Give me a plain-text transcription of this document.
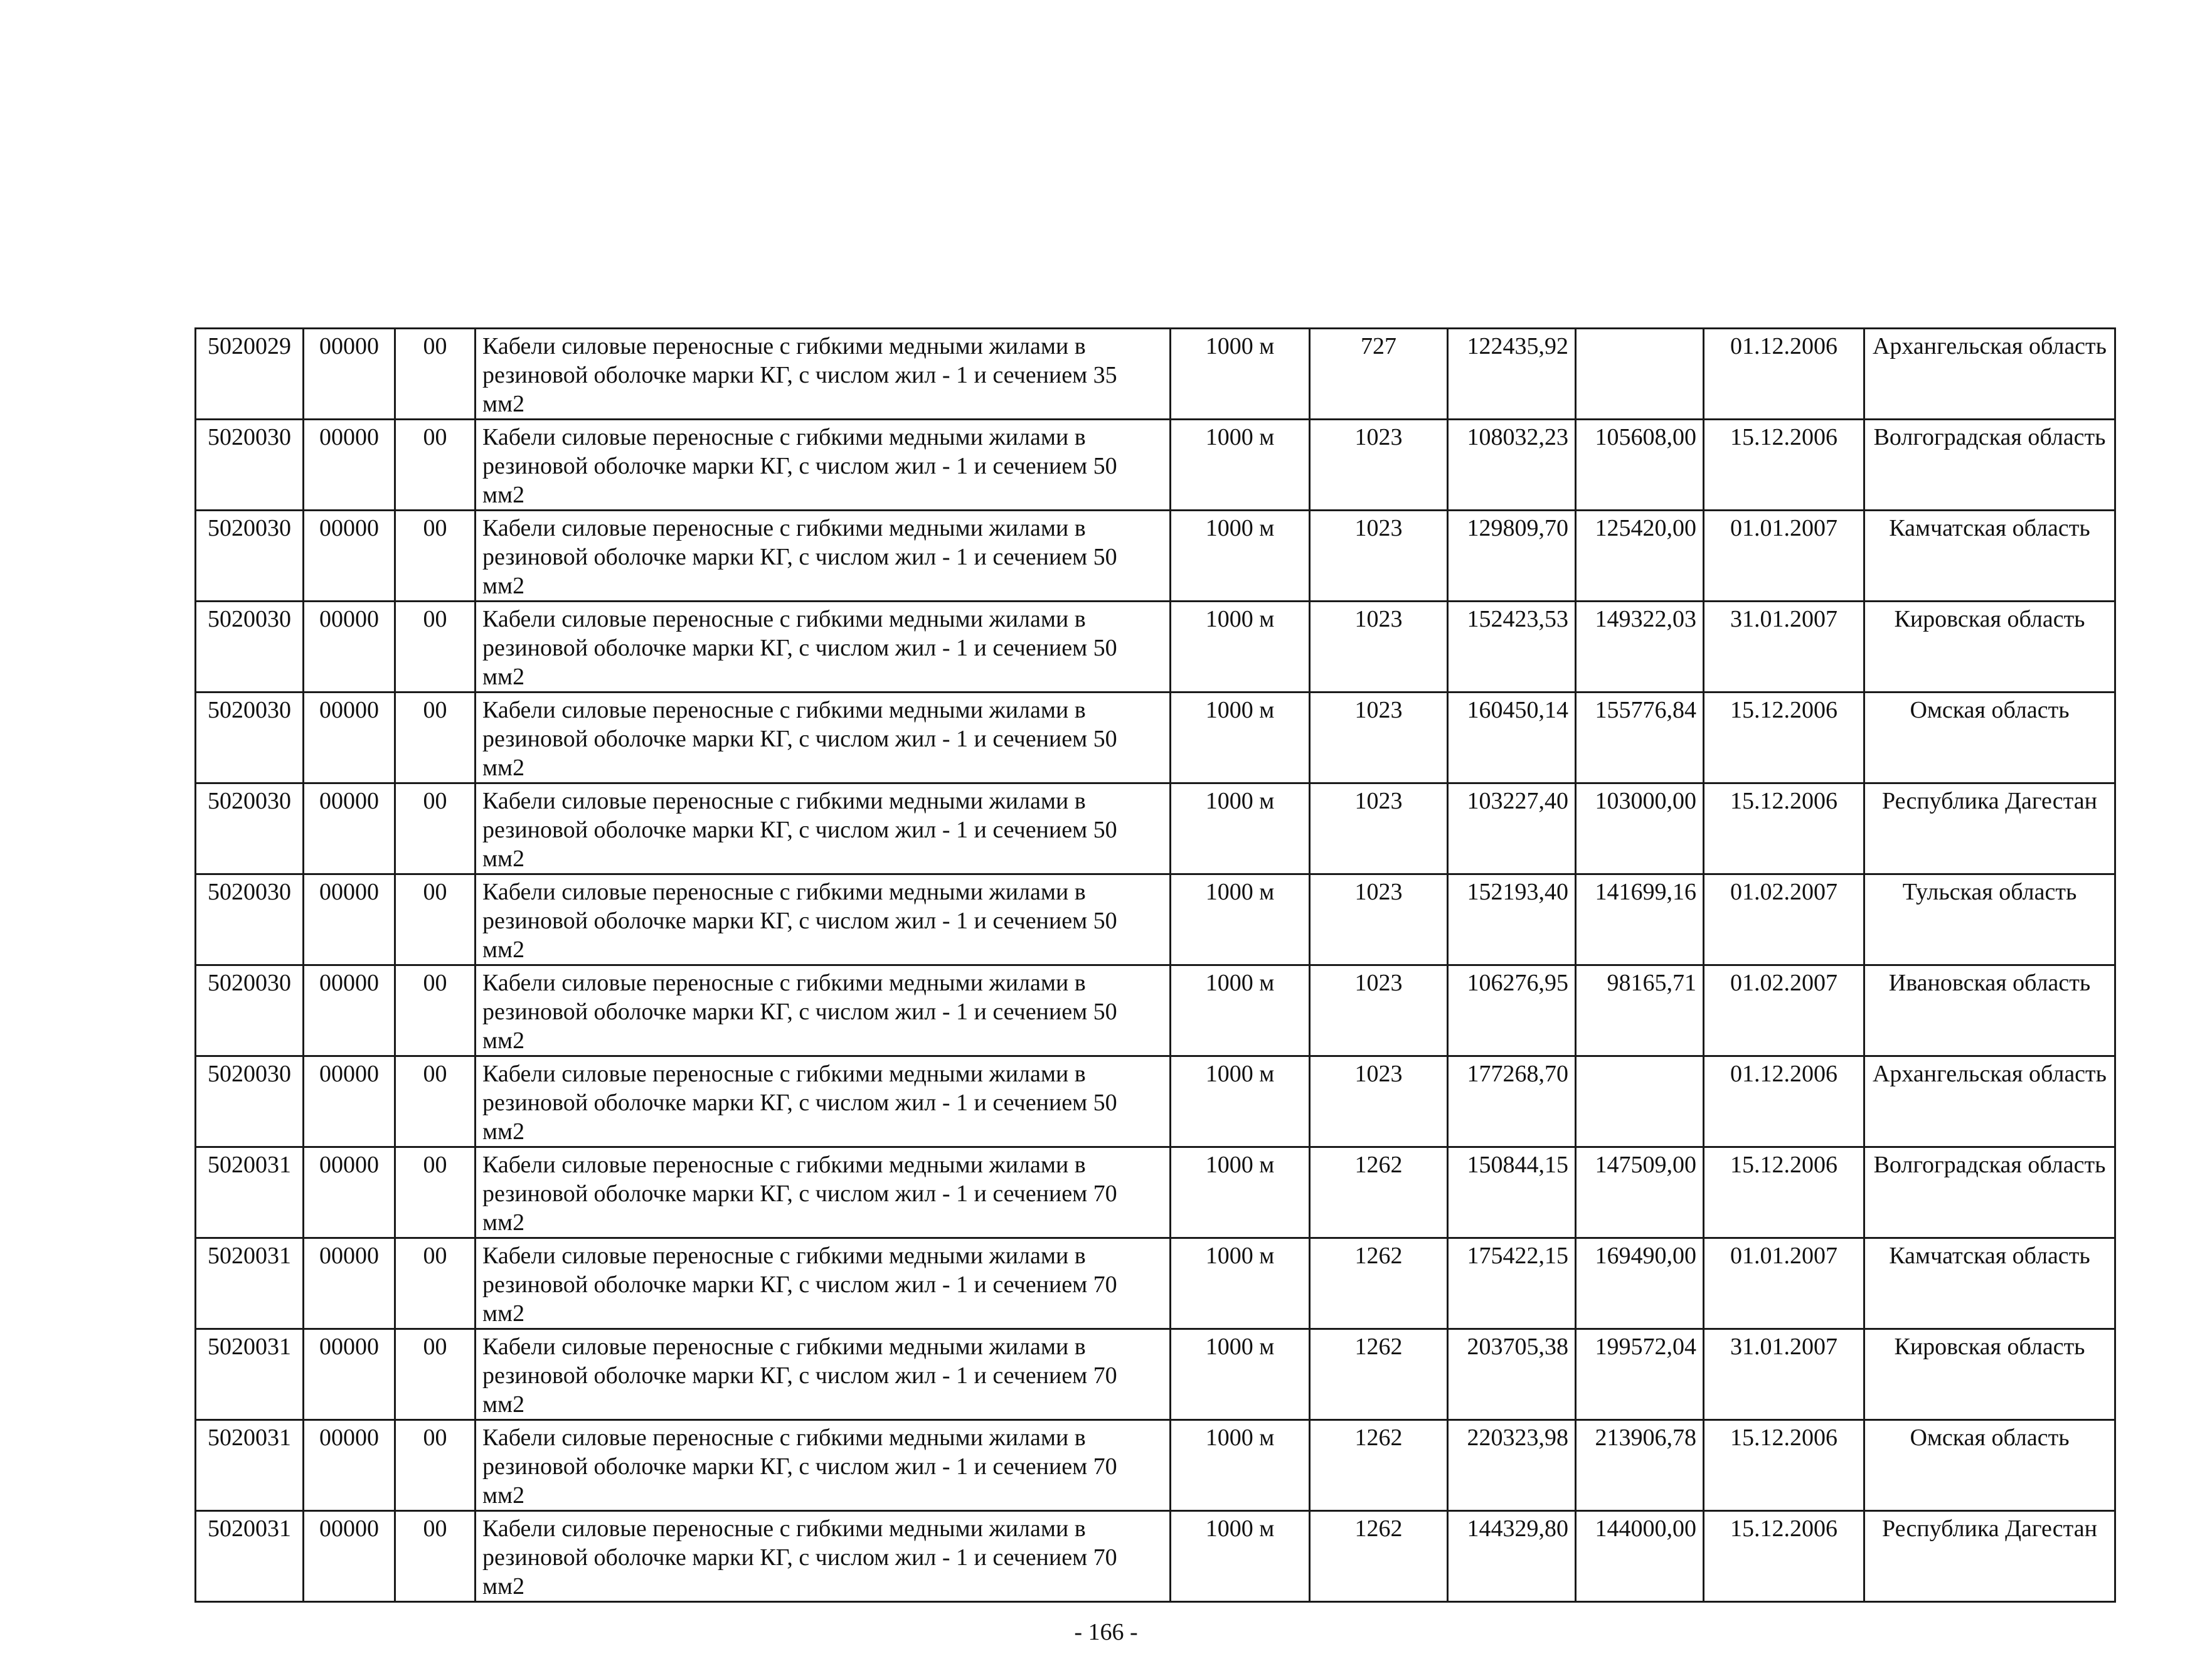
5020029	00000	00	Кабели силовые переносные с гибкими медными жилами в резиновой оболочке марки КГ, с числом жил - 1 и сечением 35 мм2	1000 м	727	122435,92		01.12.2006	Архангельская область
5020030	00000	00	Кабели силовые переносные с гибкими медными жилами в резиновой оболочке марки КГ, с числом жил - 1 и сечением 50 мм2	1000 м	1023	108032,23	105608,00	15.12.2006	Волгоградская область
5020030	00000	00	Кабели силовые переносные с гибкими медными жилами в резиновой оболочке марки КГ, с числом жил - 1 и сечением 50 мм2	1000 м	1023	129809,70	125420,00	01.01.2007	Камчатская область
5020030	00000	00	Кабели силовые переносные с гибкими медными жилами в резиновой оболочке марки КГ, с числом жил - 1 и сечением 50 мм2	1000 м	1023	152423,53	149322,03	31.01.2007	Кировская область
5020030	00000	00	Кабели силовые переносные с гибкими медными жилами в резиновой оболочке марки КГ, с числом жил - 1 и сечением 50 мм2	1000 м	1023	160450,14	155776,84	15.12.2006	Омская область
5020030	00000	00	Кабели силовые переносные с гибкими медными жилами в резиновой оболочке марки КГ, с числом жил - 1 и сечением 50 мм2	1000 м	1023	103227,40	103000,00	15.12.2006	Республика Дагестан
5020030	00000	00	Кабели силовые переносные с гибкими медными жилами в резиновой оболочке марки КГ, с числом жил - 1 и сечением 50 мм2	1000 м	1023	152193,40	141699,16	01.02.2007	Тульская область
5020030	00000	00	Кабели силовые переносные с гибкими медными жилами в резиновой оболочке марки КГ, с числом жил - 1 и сечением 50 мм2	1000 м	1023	106276,95	98165,71	01.02.2007	Ивановская область
5020030	00000	00	Кабели силовые переносные с гибкими медными жилами в резиновой оболочке марки КГ, с числом жил - 1 и сечением 50 мм2	1000 м	1023	177268,70		01.12.2006	Архангельская область
5020031	00000	00	Кабели силовые переносные с гибкими медными жилами в резиновой оболочке марки КГ, с числом жил - 1 и сечением 70 мм2	1000 м	1262	150844,15	147509,00	15.12.2006	Волгоградская область
5020031	00000	00	Кабели силовые переносные с гибкими медными жилами в резиновой оболочке марки КГ, с числом жил - 1 и сечением 70 мм2	1000 м	1262	175422,15	169490,00	01.01.2007	Камчатская область
5020031	00000	00	Кабели силовые переносные с гибкими медными жилами в резиновой оболочке марки КГ, с числом жил - 1 и сечением 70 мм2	1000 м	1262	203705,38	199572,04	31.01.2007	Кировская область
5020031	00000	00	Кабели силовые переносные с гибкими медными жилами в резиновой оболочке марки КГ, с числом жил - 1 и сечением 70 мм2	1000 м	1262	220323,98	213906,78	15.12.2006	Омская область
5020031	00000	00	Кабели силовые переносные с гибкими медными жилами в резиновой оболочке марки КГ, с числом жил - 1 и сечением 70 мм2	1000 м	1262	144329,80	144000,00	15.12.2006	Республика Дагестан
- 166 -
